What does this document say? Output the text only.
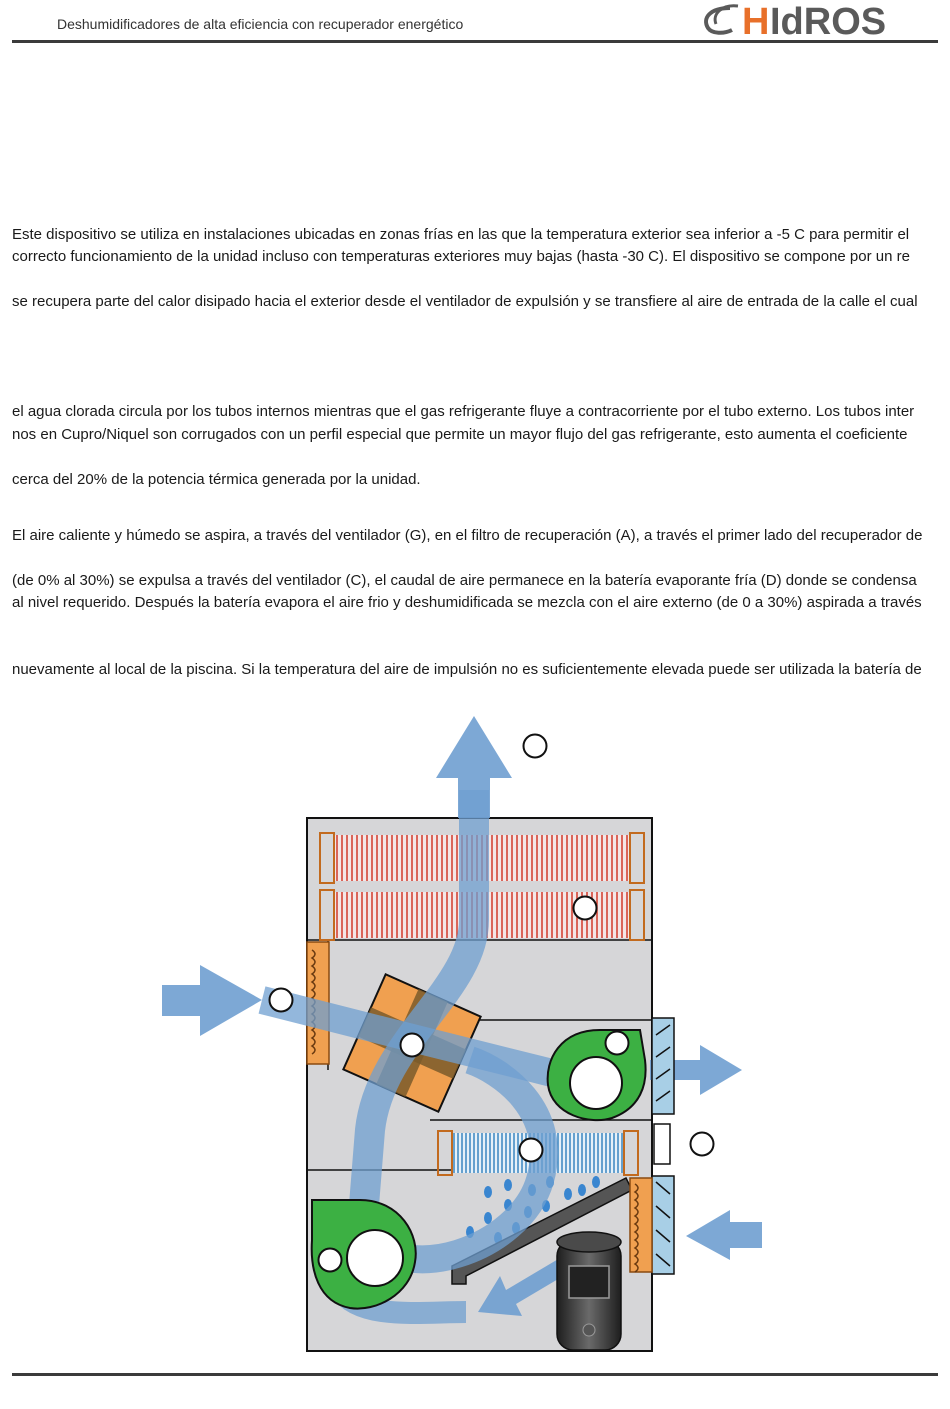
Deshumidificadores de alta eficiencia con recuperador energético	H IdROS
Este dispositivo se utiliza en instalaciones ubicadas en zonas frías en las que la temperatura exterior sea inferior a -5 C para permitir el
correcto funcionamiento de la unidad incluso con temperaturas exteriores muy bajas (hasta -30 C). El dispositivo se compone por un re
se recupera parte del calor disipado hacia el exterior desde el ventilador de expulsión y se transfiere al aire de entrada de la calle el cual
el agua clorada circula por los tubos internos mientras que el gas refrigerante fluye a contracorriente por el tubo externo. Los tubos inter
nos en Cupro/Niquel son corrugados con un perfil especial que permite un mayor flujo del gas refrigerante, esto aumenta el coeficiente
cerca del 20% de la potencia térmica generada por la unidad.
El aire caliente y húmedo se aspira, a través del ventilador (G), en el filtro de recuperación (A), a través el primer lado del recuperador de
(de 0% al 30%) se expulsa a través del ventilador (C), el caudal de aire permanece en la batería evaporante fría (D) donde se condensa
al nivel requerido. Después la batería evapora el aire frio y deshumidificada se mezcla con el aire externo (de 0 a 30%) aspirada a través
nuevamente al local de la piscina. Si la temperatura del aire de impulsión no es suficientemente elevada puede ser utilizada la batería de
